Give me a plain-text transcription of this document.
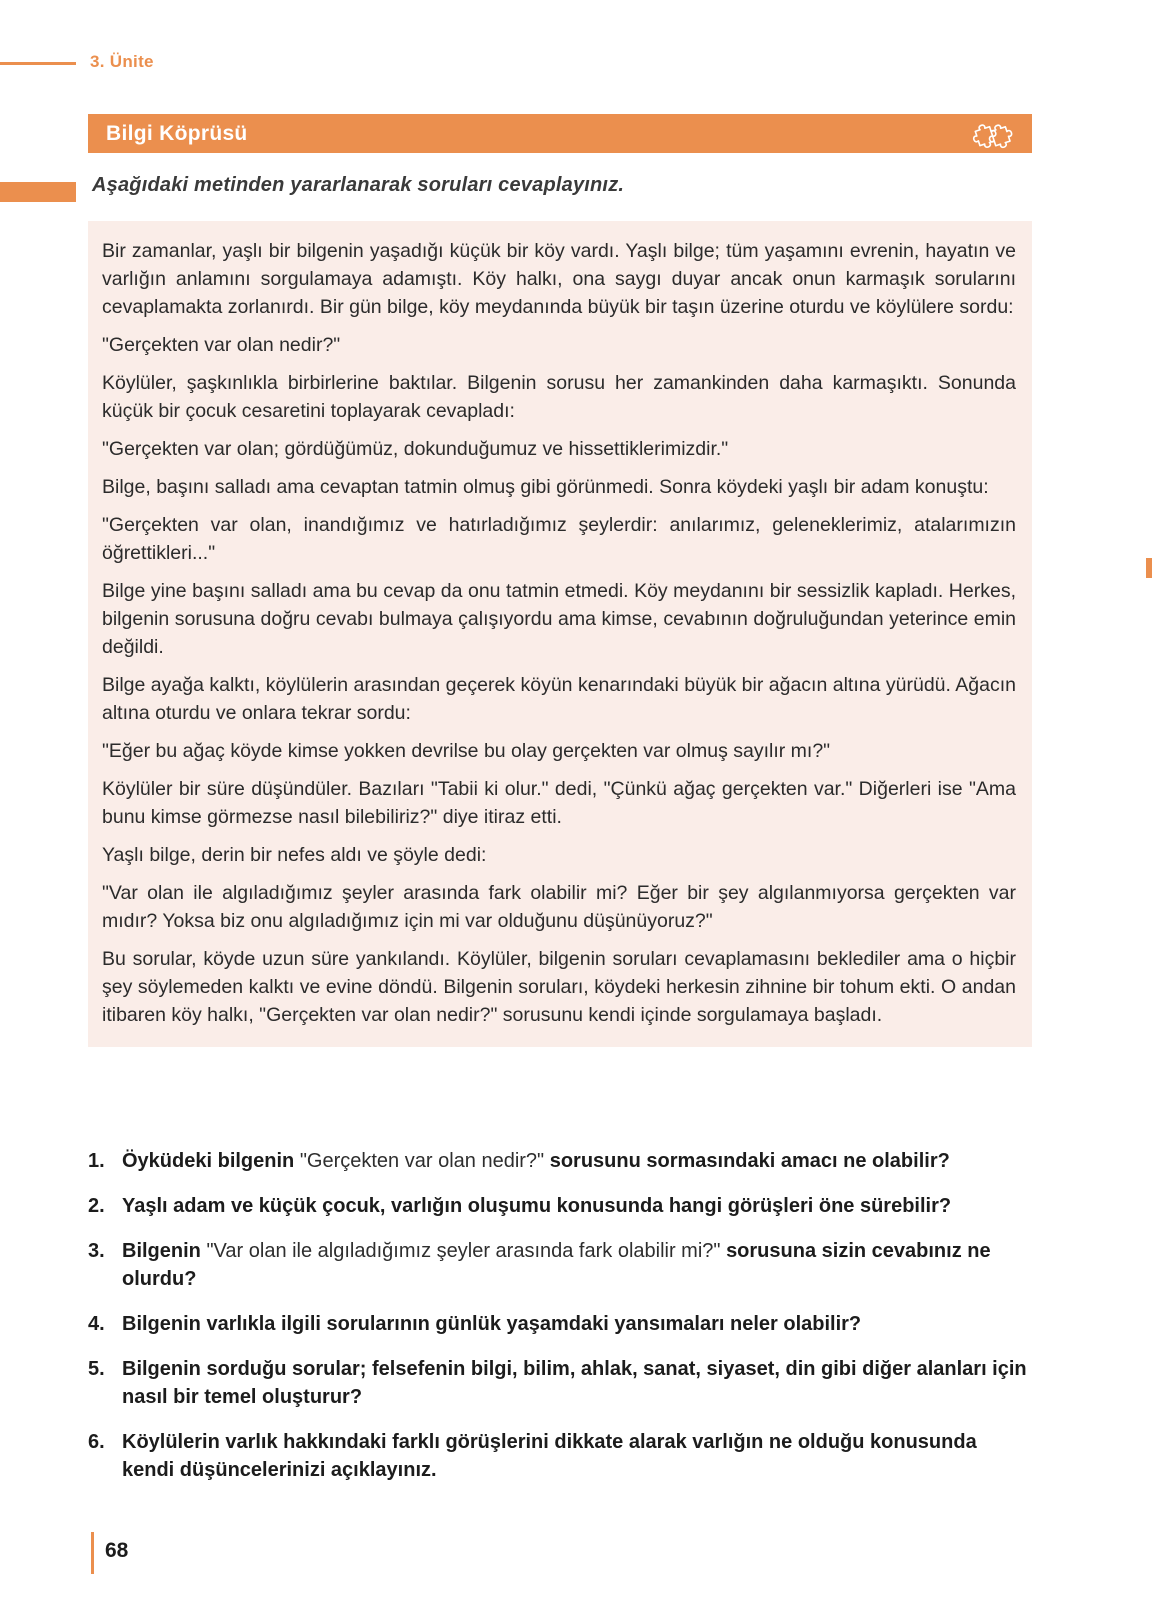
3. Ünite
Bilgi Köprüsü
Aşağıdaki metinden yararlanarak soruları cevaplayınız.

Bir zamanlar, yaşlı bir bilgenin yaşadığı küçük bir köy vardı. Yaşlı bilge; tüm yaşamını evrenin, hayatın ve varlığın anlamını sorgulamaya adamıştı. Köy halkı, ona saygı duyar ancak onun karmaşık sorularını cevaplamakta zorlanırdı. Bir gün bilge, köy meydanında büyük bir taşın üzerine oturdu ve köylülere sordu:

"Gerçekten var olan nedir?"

Köylüler, şaşkınlıkla birbirlerine baktılar. Bilgenin sorusu her zamankinden daha karmaşıktı. Sonunda küçük bir çocuk cesaretini toplayarak cevapladı:

"Gerçekten var olan; gördüğümüz, dokunduğumuz ve hissettiklerimizdir."

Bilge, başını salladı ama cevaptan tatmin olmuş gibi görünmedi. Sonra köydeki yaşlı bir adam konuştu:

"Gerçekten var olan, inandığımız ve hatırladığımız şeylerdir: anılarımız, geleneklerimiz, atalarımızın öğrettikleri..."

Bilge yine başını salladı ama bu cevap da onu tatmin etmedi. Köy meydanını bir sessizlik kapladı. Herkes, bilgenin sorusuna doğru cevabı bulmaya çalışıyordu ama kimse, cevabının doğruluğundan yeterince emin değildi.

Bilge ayağa kalktı, köylülerin arasından geçerek köyün kenarındaki büyük bir ağacın altına yürüdü. Ağacın altına oturdu ve onlara tekrar sordu:

"Eğer bu ağaç köyde kimse yokken devrilse bu olay gerçekten var olmuş sayılır mı?"

Köylüler bir süre düşündüler. Bazıları "Tabii ki olur." dedi, "Çünkü ağaç gerçekten var." Diğerleri ise "Ama bunu kimse görmezse nasıl bilebiliriz?" diye itiraz etti.

Yaşlı bilge, derin bir nefes aldı ve şöyle dedi:

"Var olan ile algıladığımız şeyler arasında fark olabilir mi? Eğer bir şey algılanmıyorsa gerçekten var mıdır? Yoksa biz onu algıladığımız için mi var olduğunu düşünüyoruz?"

Bu sorular, köyde uzun süre yankılandı. Köylüler, bilgenin soruları cevaplamasını beklediler ama o hiçbir şey söylemeden kalktı ve evine döndü. Bilgenin soruları, köydeki herkesin zihnine bir tohum ekti. O andan itibaren köy halkı, "Gerçekten var olan nedir?" sorusunu kendi içinde sorgulamaya başladı.

1. Öyküdeki bilgenin "Gerçekten var olan nedir?" sorusunu sormasındaki amacı ne olabilir?
2. Yaşlı adam ve küçük çocuk, varlığın oluşumu konusunda hangi görüşleri öne sürebilir?
3. Bilgenin "Var olan ile algıladığımız şeyler arasında fark olabilir mi?" sorusuna sizin cevabınız ne olurdu?
4. Bilgenin varlıkla ilgili sorularının günlük yaşamdaki yansımaları neler olabilir?
5. Bilgenin sorduğu sorular; felsefenin bilgi, bilim, ahlak, sanat, siyaset, din gibi diğer alanları için nasıl bir temel oluşturur?
6. Köylülerin varlık hakkındaki farklı görüşlerini dikkate alarak varlığın ne olduğu konusunda kendi düşüncelerinizi açıklayınız.
68
